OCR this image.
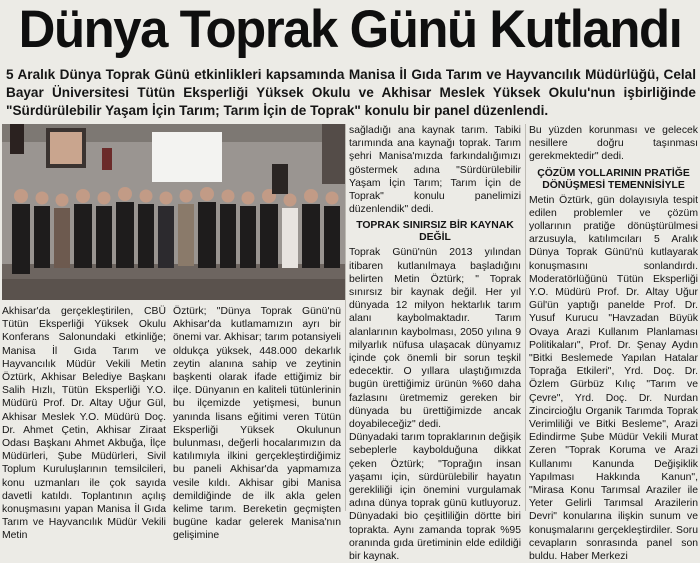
Dünya Toprak Günü Kutlandı

5 Aralık Dünya Toprak Günü etkinlikleri kapsamında Manisa İl Gıda Tarım ve Hayvancılık Müdürlüğü, Celal Bayar Üniversitesi Tütün Eksperliği Yüksek Okulu ve Akhisar Meslek Yüksek Okulu'nun işbirliğinde "Sürdürülebilir Yaşam İçin Tarım; Tarım İçin de Toprak" konulu bir panel düzenlendi.

Akhisar'da gerçekleştirilen, CBÜ Tütün Eksperliği Yüksek Okulu Konferans Salonundaki etkinliğe; Manisa İl Gıda Tarım ve Hayvancılık Müdür Vekili Metin Öztürk, Akhisar Belediye Başkanı Salih Hızlı, Tütün Eksperliği Y.O. Müdürü Prof. Dr. Altay Uğur Gül, Akhisar Meslek Y.O. Müdürü Doç. Dr. Ahmet Çetin, Akhisar Ziraat Odası Başkanı Ahmet Akbuğa, İlçe Müdürleri, Şube Müdürleri, Sivil Toplum Kuruluşlarının temsilcileri, konu uzmanları ile çok sayıda davetli katıldı. Toplantının açılış konuşmasını yapan Manisa İl Gıda Tarım ve Hayvancılık Müdür Vekili Metin

Öztürk; "Dünya Toprak Günü'nü Akhisar'da kutlamamızın ayrı bir önemi var. Akhisar; tarım potansiyeli oldukça yüksek, 448.000 dekarlık zeytin alanına sahip ve zeytinin başkenti olarak ifade ettiğimiz bir ilçe. Dünyanın en kaliteli tütünlerinin bu ilçemizde yetişmesi, bunun yanında lisans eğitimi veren Tütün Eksperliği Yüksek Okulunun bulunması, değerli hocalarımızın da katılımıyla ilkini gerçekleştirdiğimiz bu paneli Akhisar'da yapmamıza vesile kıldı. Akhisar gibi Manisa demildiğinde de ilk akla gelen kelime tarım. Bereketin geçmişten bugüne kadar gelerek Manisa'nın gelişimine

sağladığı ana kaynak tarım. Tabiki tarımında ana kaynağı toprak. Tarım şehri Manisa'mızda farkındalığımızı göstermek adına "Sürdürülebilir Yaşam İçin Tarım; Tarım İçin de Toprak" konulu panelimizi düzenlendik" dedi.

TOPRAK SINIRSIZ BİR KAYNAK DEĞİL

Toprak Günü'nün 2013 yılından itibaren kutlanılmaya başladığını belirten Metin Öztürk; " Toprak sınırsız bir kaynak değil. Her yıl dünyada 12 milyon hektarlık tarım alanı kaybolmaktadır. Tarım alanlarının kaybolması, 2050 yılına 9 milyarlık nüfusa ulaşacak dünyamız içinde çok önemli bir sorun teşkil edecektir. O yıllara ulaştığımızda bugün ürettiğimiz ürünün %60 daha fazlasını üretmemiz gereken bir dünyada bu ürettiğimizde ancak doyabileceğiz" dedi.

Dünyadaki tarım topraklarının değişik sebeplerle kaybolduğuna dikkat çeken Öztürk; "Toprağın insan yaşamı için, sürdürülebilir hayatın gerekliliği için önemini vurgulamak adına dünya toprak günü kutluyoruz. Dünyadaki bio çeşitliliğin dörtte biri toprakta. Aynı zamanda toprak %95 oranında gıda üretiminin elde edildiği bir kaynak.

Bu yüzden korunması ve gelecek nesillere doğru taşınması gerekmektedir" dedi.

ÇÖZÜM YOLLARININ PRATİĞE DÖNÜŞMESİ TEMENNİSİYLE

Metin Öztürk, gün dolayısıyla tespit edilen problemler ve çözüm yollarının pratiğe dönüştürülmesi arzusuyla, katılımcıları 5 Aralık Dünya Toprak Günü'nü kutlayarak konuşmasını sonlandırdı. Moderatörlüğünü Tütün Eksperliği Y.O. Müdürü Prof. Dr. Altay Uğur Gül'ün yaptığı panelde Prof. Dr. Yusuf Kurucu "Havzadan Büyük Ovaya Arazi Kullanım Planlaması Politikaları", Prof. Dr. Şenay Aydın "Bitki Beslemede Yapılan Hatalar Toprağa Etkileri", Yrd. Doç. Dr. Özlem Gürbüz Kılıç "Tarım ve Çevre", Yrd. Doç. Dr. Nurdan Zincircioğlu Organik Tarımda Toprak Verimliliği ve Bitki Besleme", Arazi Edindirme Şube Müdür Vekili Murat Zeren "Toprak Koruma ve Arazi Kullanımı Kanunda Değişiklik Yapılması Hakkında Kanun", "Mirasa Konu Tarımsal Araziler ile Yeter Gelirli Tarımsal Arazilerin Devri" konularına ilişkin sunum ve konuşmalarını gerçekleştirdiler. Soru cevapların sonrasında panel son buldu. Haber Merkezi
